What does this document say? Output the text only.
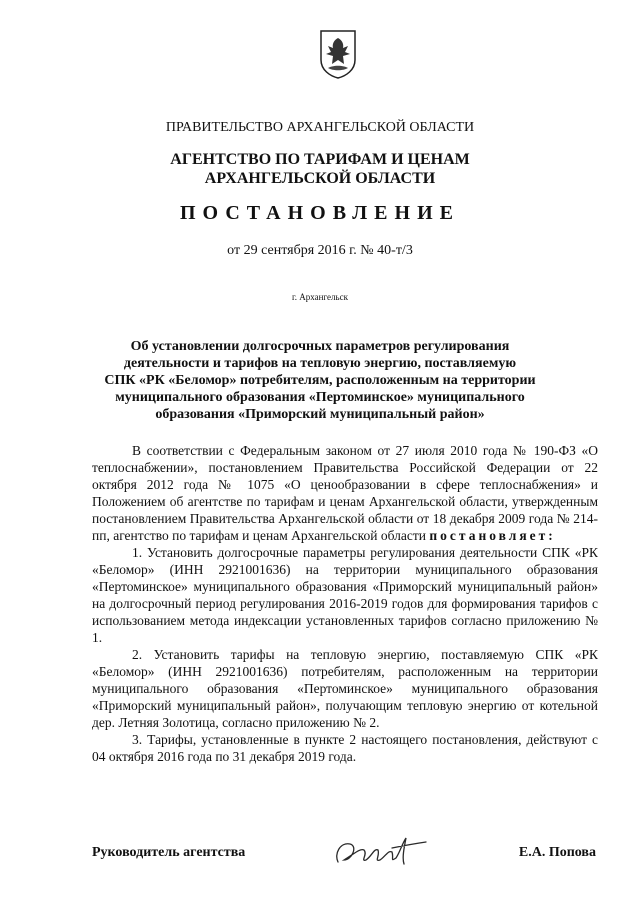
ПРАВИТЕЛЬСТВО АРХАНГЕЛЬСКОЙ ОБЛАСТИ
АГЕНТСТВО ПО ТАРИФАМ И ЦЕНАМ
АРХАНГЕЛЬСКОЙ ОБЛАСТИ
ПОСТАНОВЛЕНИЕ
от 29 сентября 2016 г. № 40-т/3
г. Архангельск
Об установлении долгосрочных параметров регулирования
деятельности и тарифов на тепловую энергию, поставляемую
СПК «РК «Беломор» потребителям, расположенным на территории
муниципального образования «Пертоминское» муниципального
образования «Приморский муниципальный район»

В соответствии с Федеральным законом от 27 июля 2010 года № 190-ФЗ «О теплоснабжении», постановлением Правительства Российской Федерации от 22 октября 2012 года № 1075 «О ценообразовании в сфере теплоснабжения» и Положением об агентстве по тарифам и ценам Архангельской области, утвержденным постановлением Правительства Архангельской области от 18 декабря 2009 года № 214-пп, агентство по тарифам и ценам Архангельской области постановляет:

1. Установить долгосрочные параметры регулирования деятельности СПК «РК «Беломор» (ИНН 2921001636) на территории муниципального образования «Пертоминское» муниципального образования «Приморский муниципальный район» на долгосрочный период регулирования 2016-2019 годов для формирования тарифов с использованием метода индексации установленных тарифов согласно приложению № 1.

2. Установить тарифы на тепловую энергию, поставляемую СПК «РК «Беломор» (ИНН 2921001636) потребителям, расположенным на территории муниципального образования «Пертоминское» муниципального образования «Приморский муниципальный район», получающим тепловую энергию от котельной дер. Летняя Золотица, согласно приложению № 2.

3. Тарифы, установленные в пункте 2 настоящего постановления, действуют с 04 октября 2016 года по 31 декабря 2019 года.

Руководитель агентства	Е.А. Попова
